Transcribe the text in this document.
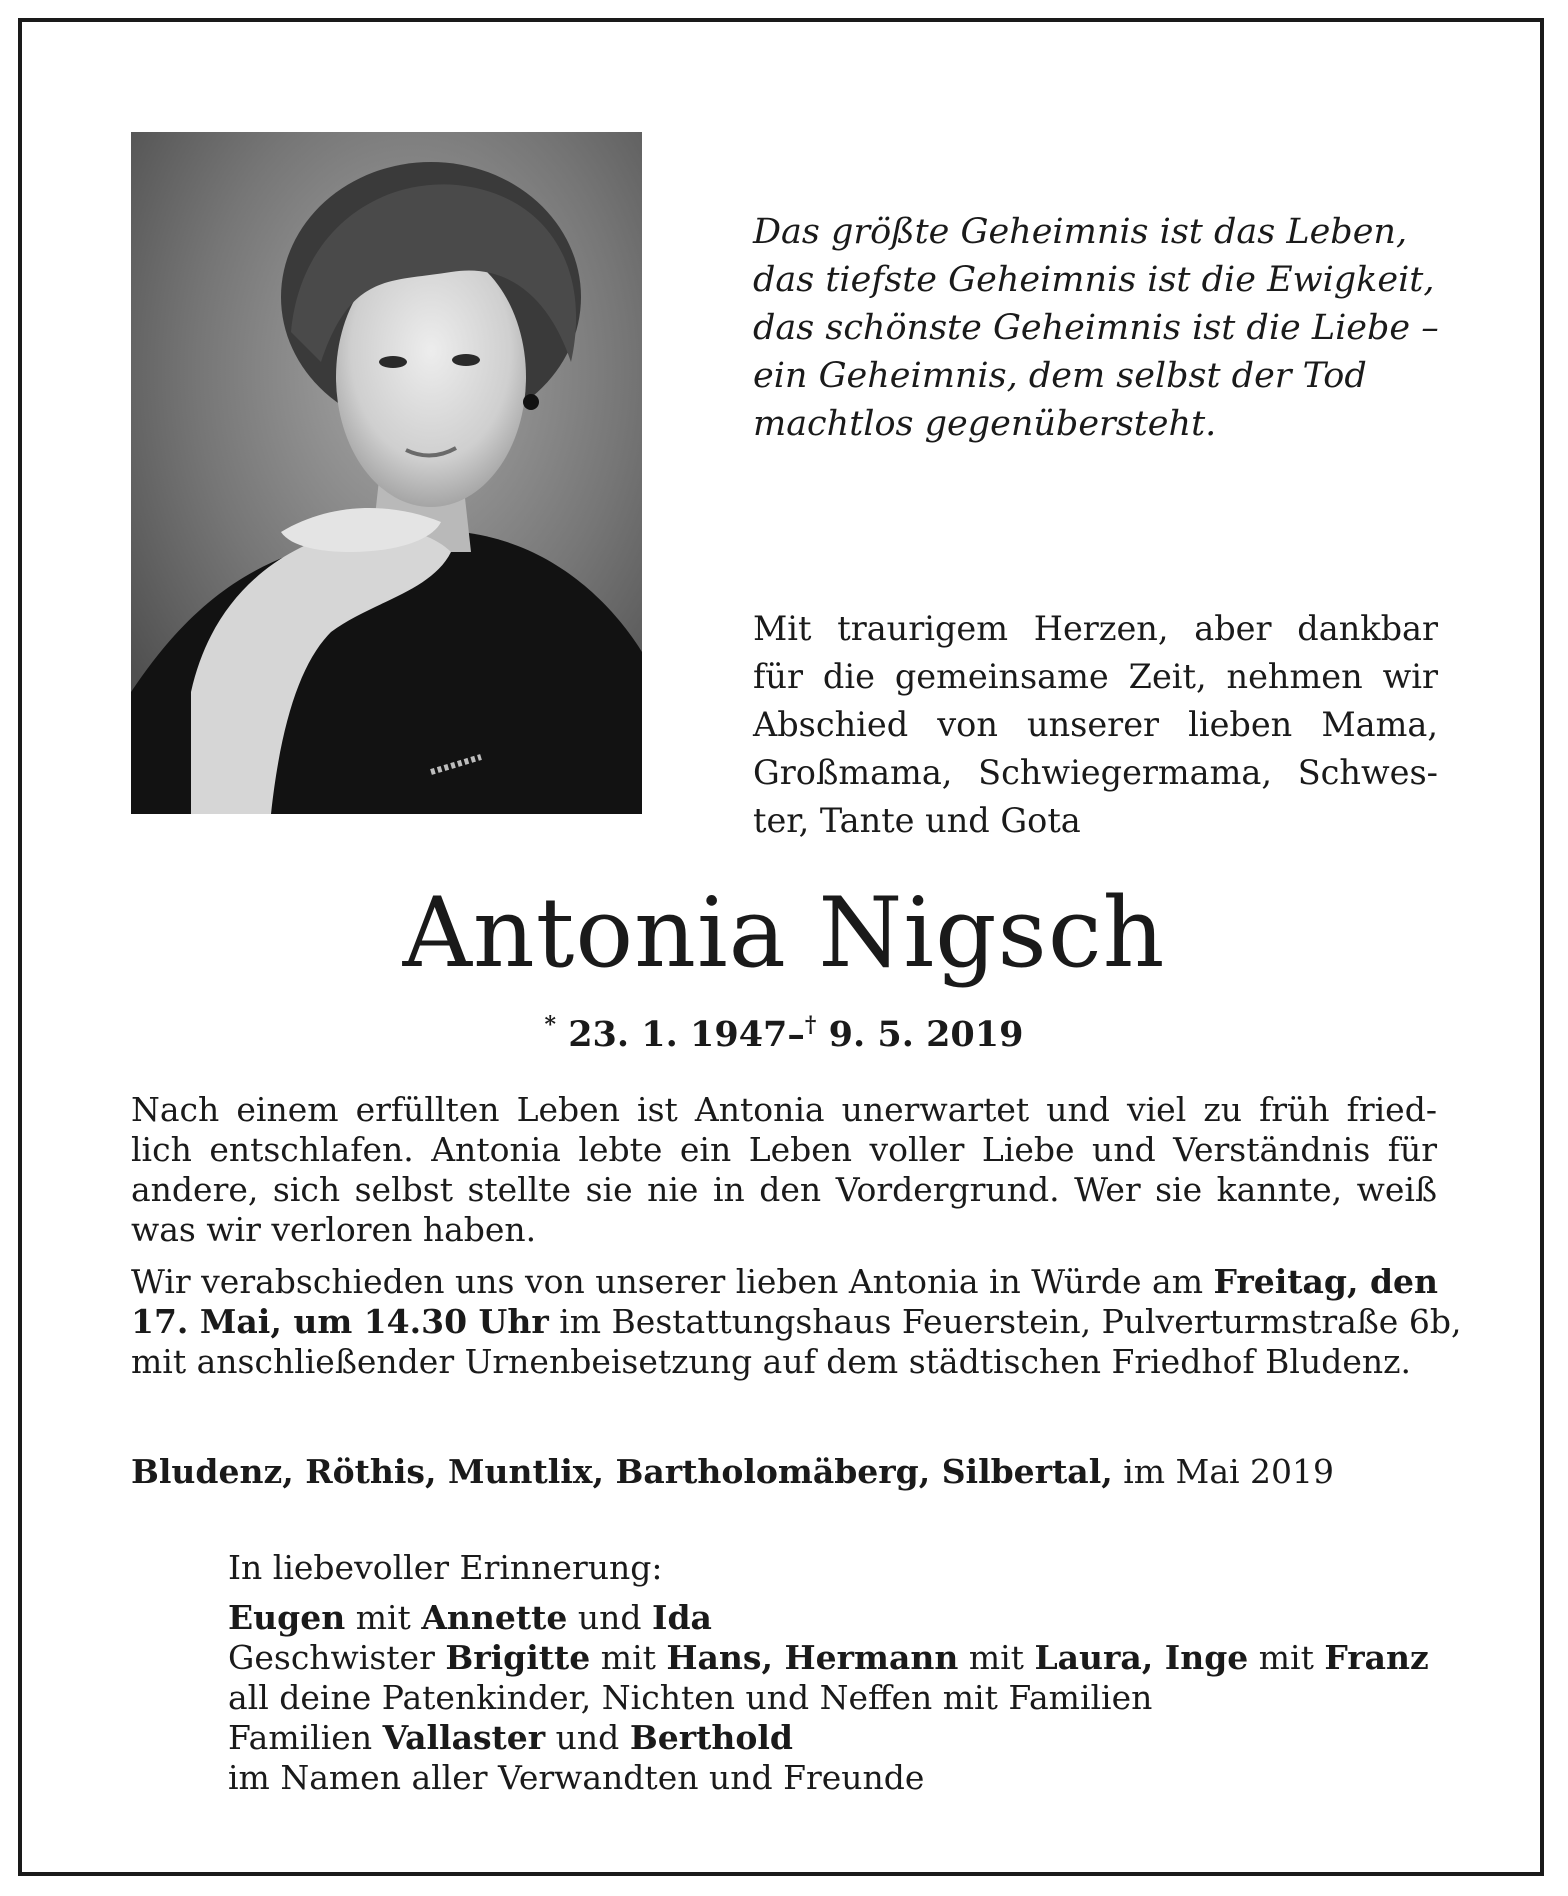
Das größte Geheimnis ist das Leben,
das tiefste Geheimnis ist die Ewigkeit,
das schönste Geheimnis ist die Liebe –
ein Geheimnis, dem selbst der Tod
machtlos gegenübersteht.
Mit traurigem Herzen, aber dankbar
für die gemeinsame Zeit, nehmen wir
Abschied von unserer lieben Mama,
Großmama, Schwiegermama, Schwes-
ter, Tante und Gota
Antonia Nigsch
* 23. 1. 1947–† 9. 5. 2019
Nach einem erfüllten Leben ist Antonia unerwartet und viel zu früh fried-
lich entschlafen. Antonia lebte ein Leben voller Liebe und Verständnis für
andere, sich selbst stellte sie nie in den Vordergrund. Wer sie kannte, weiß
was wir verloren haben.
Wir verabschieden uns von unserer lieben Antonia in Würde am Freitag, den
17. Mai, um 14.30 Uhr im Bestattungshaus Feuerstein, Pulverturmstraße 6b,
mit anschließender Urnenbeisetzung auf dem städtischen Friedhof Bludenz.
Bludenz, Röthis, Muntlix, Bartholomäberg, Silbertal, im Mai 2019
In liebevoller Erinnerung:
Eugen mit Annette und Ida
Geschwister Brigitte mit Hans, Hermann mit Laura, Inge mit Franz
all deine Patenkinder, Nichten und Neffen mit Familien
Familien Vallaster und Berthold
im Namen aller Verwandten und Freunde
